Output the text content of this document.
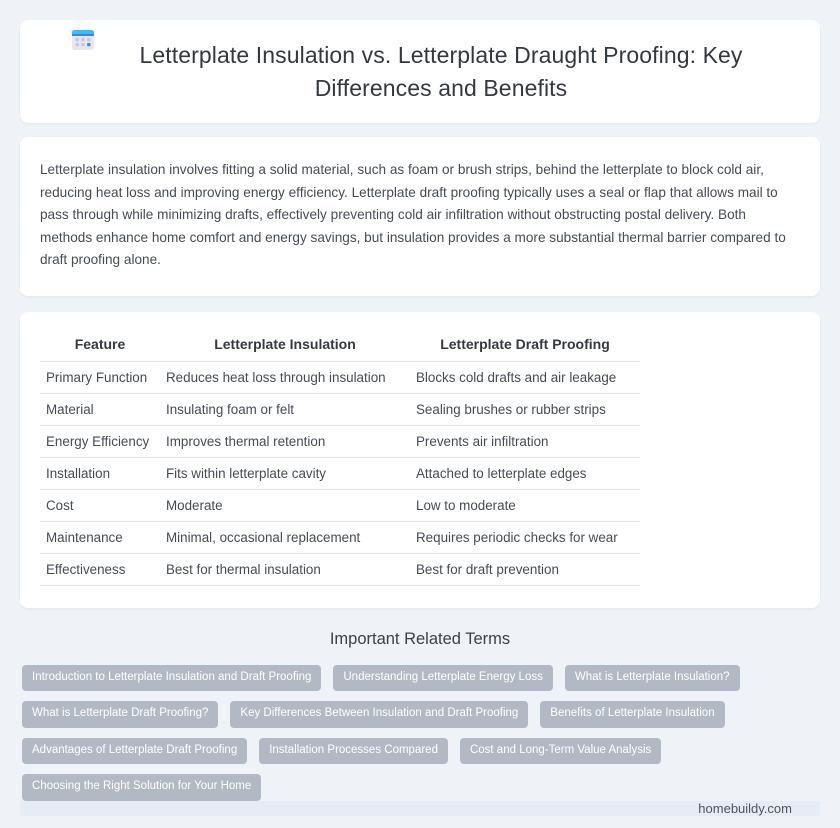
Letterplate Insulation vs. Letterplate Draught Proofing: Key Differences and Benefits

Letterplate insulation involves fitting a solid material, such as foam or brush strips, behind the letterplate to block cold air, reducing heat loss and improving energy efficiency. Letterplate draft proofing typically uses a seal or flap that allows mail to pass through while minimizing drafts, effectively preventing cold air infiltration without obstructing postal delivery. Both methods enhance home comfort and energy savings, but insulation provides a more substantial thermal barrier compared to draft proofing alone.

Feature	Letterplate Insulation	Letterplate Draft Proofing
Primary Function	Reduces heat loss through insulation	Blocks cold drafts and air leakage
Material	Insulating foam or felt	Sealing brushes or rubber strips
Energy Efficiency	Improves thermal retention	Prevents air infiltration
Installation	Fits within letterplate cavity	Attached to letterplate edges
Cost	Moderate	Low to moderate
Maintenance	Minimal, occasional replacement	Requires periodic checks for wear
Effectiveness	Best for thermal insulation	Best for draft prevention
Important Related Terms
Introduction to Letterplate Insulation and Draft Proofing	Understanding Letterplate Energy Loss	What is Letterplate Insulation?
What is Letterplate Draft Proofing?	Key Differences Between Insulation and Draft Proofing	Benefits of Letterplate Insulation
Advantages of Letterplate Draft Proofing	Installation Processes Compared	Cost and Long-Term Value Analysis
Choosing the Right Solution for Your Home
homebuildy.com
